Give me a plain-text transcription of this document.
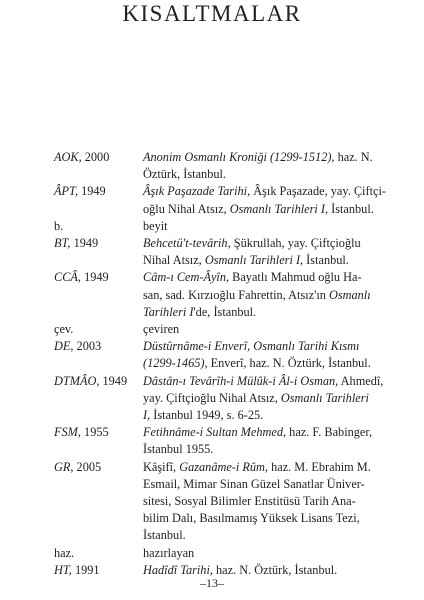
KISALTMALAR
AOK, 2000	Anonim Osmanlı Kroniği (1299-1512), haz. N.
Öztürk, İstanbul.
ÂPT, 1949	Âşık Paşazade Tarihi, Âşık Paşazade, yay. Çiftçi-
oğlu Nihal Atsız, Osmanlı Tarihleri I, İstanbul.
b.	beyit
BT, 1949	Behcetü't-tevârih, Şükrullah, yay. Çiftçioğlu
Nihal Atsız, Osmanlı Tarihleri I, İstanbul.
CCÂ, 1949	Câm-ı Cem-Âyîn, Bayatlı Mahmud oğlu Ha-
san, sad. Kırzıoğlu Fahrettin, Atsız'ın Osmanlı
Tarihleri I'de, İstanbul.
çev.	çeviren
DE, 2003	Düstûrnâme-i Enverî, Osmanlı Tarihi Kısmı
(1299-1465), Enverî, haz. N. Öztürk, İstanbul.
DTMÂO, 1949	Dâstân-ı Tevârîh-i Mülûk-i Âl-i Osman, Ahmedî,
yay. Çiftçioğlu Nihal Atsız, Osmanlı Tarihleri
I, İstanbul 1949, s. 6-25.
FSM, 1955	Fetihnâme-i Sultan Mehmed, haz. F. Babinger,
İstanbul 1955.
GR, 2005	Kâşifî, Gazanâme-i Rûm, haz. M. Ebrahim M.
Esmail, Mimar Sinan Güzel Sanatlar Üniver-
sitesi, Sosyal Bilimler Enstitüsü Tarih Ana-
bilim Dalı, Basılmamış Yüksek Lisans Tezi,
İstanbul.
haz.	hazırlayan
HT, 1991	Hadîdî Tarihi, haz. N. Öztürk, İstanbul.
–13–
